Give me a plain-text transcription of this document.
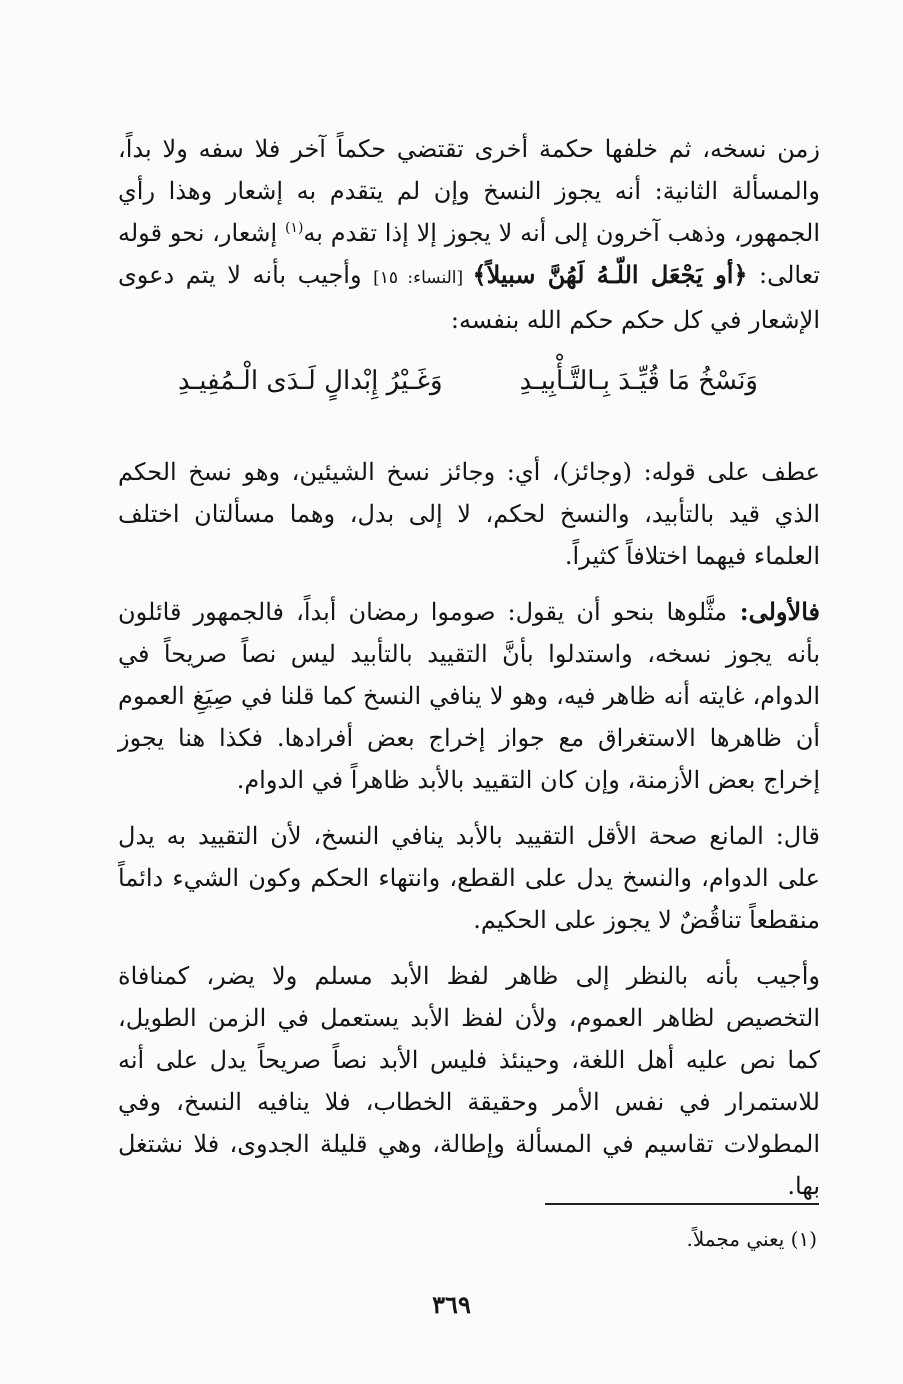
زمن نسخه، ثم خلفها حكمة أخرى تقتضي حكماً آخر فلا سفه ولا بداً، والمسألة الثانية: أنه يجوز النسخ وإن لم يتقدم به إشعار وهذا رأي الجمهور، وذهب آخرون إلى أنه لا يجوز إلا إذا تقدم به$^{(١)}$ إشعار، نحو قوله تعالى: ﴿أو يَجْعَل اللّـهُ لَهُنَّ سبيلاً﴾ [النساء: ١٥] وأجيب بأنه لا يتم دعوى الإشعار في كل حكم حكم الله بنفسه:

وَنَسْخُ مَا قُيِّـدَ بِـالتَّـأْبِيـدِ
وَغَـيْرُ إِبْدالٍ لَـدَى الْـمُفِيـدِ

عطف على قوله: (وجائز)، أي: وجائز نسخ الشيئين، وهو نسخ الحكم الذي قيد بالتأبيد، والنسخ لحكم، لا إلى بدل، وهما مسألتان اختلف العلماء فيهما اختلافاً كثيراً.

فالأولى: مثَّلوها بنحو أن يقول: صوموا رمضان أبداً، فالجمهور قائلون بأنه يجوز نسخه، واستدلوا بأنَّ التقييد بالتأبيد ليس نصاً صريحاً في الدوام، غايته أنه ظاهر فيه، وهو لا ينافي النسخ كما قلنا في صِيَغِ العموم أن ظاهرها الاستغراق مع جواز إخراج بعض أفرادها. فكذا هنا يجوز إخراج بعض الأزمنة، وإن كان التقييد بالأبد ظاهراً في الدوام.

قال: المانع صحة الأقل التقييد بالأبد ينافي النسخ، لأن التقييد به يدل على الدوام، والنسخ يدل على القطع، وانتهاء الحكم وكون الشيء دائماً منقطعاً تناقُضٌ لا يجوز على الحكيم.

وأجيب بأنه بالنظر إلى ظاهر لفظ الأبد مسلم ولا يضر، كمنافاة التخصيص لظاهر العموم، ولأن لفظ الأبد يستعمل في الزمن الطويل، كما نص عليه أهل اللغة، وحينئذ فليس الأبد نصاً صريحاً يدل على أنه للاستمرار في نفس الأمر وحقيقة الخطاب، فلا ينافيه النسخ، وفي المطولات تقاسيم في المسألة وإطالة، وهي قليلة الجدوى، فلا نشتغل بها.

(١) يعني مجملاً.
٣٦٩
